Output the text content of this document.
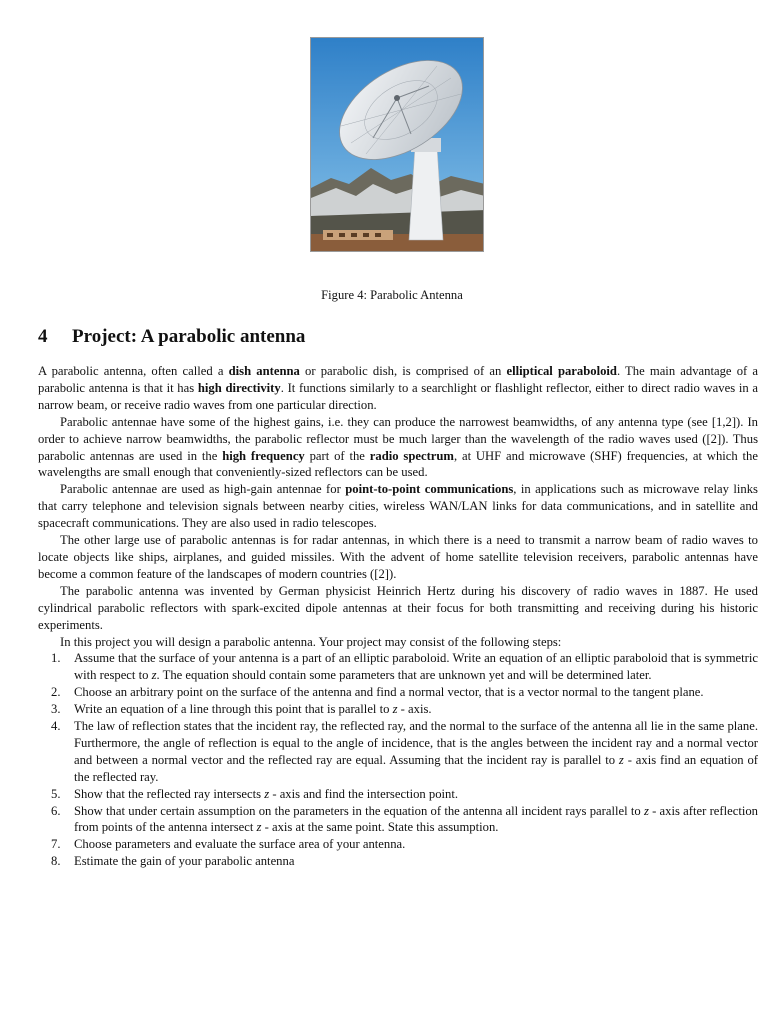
Figure 4: Parabolic Antenna
4 Project: A parabolic antenna

A parabolic antenna, often called a dish antenna or parabolic dish, is comprised of an elliptical paraboloid. The main advantage of a parabolic antenna is that it has high directivity. It functions similarly to a searchlight or flashlight reflector, either to direct radio waves in a narrow beam, or receive radio waves from one particular direction.

Parabolic antennae have some of the highest gains, i.e. they can produce the narrowest beamwidths, of any antenna type (see [1,2]). In order to achieve narrow beamwidths, the parabolic reflector must be much larger than the wavelength of the radio waves used ([2]). Thus parabolic antennas are used in the high frequency part of the radio spectrum, at UHF and microwave (SHF) frequencies, at which the wavelengths are small enough that conveniently-sized reflectors can be used.

Parabolic antennae are used as high-gain antennae for point-to-point communications, in applications such as microwave relay links that carry telephone and television signals between nearby cities, wireless WAN/LAN links for data communications, and in satellite and spacecraft communications. They are also used in radio telescopes.

The other large use of parabolic antennas is for radar antennas, in which there is a need to transmit a narrow beam of radio waves to locate objects like ships, airplanes, and guided missiles. With the advent of home satellite television receivers, parabolic antennas have become a common feature of the landscapes of modern countries ([2]).

The parabolic antenna was invented by German physicist Heinrich Hertz during his discovery of radio waves in 1887. He used cylindrical parabolic reflectors with spark-excited dipole antennas at their focus for both transmitting and receiving during his historic experiments.

In this project you will design a parabolic antenna. Your project may consist of the following steps:

1. Assume that the surface of your antenna is a part of an elliptic paraboloid. Write an equation of an elliptic paraboloid that is symmetric with respect to z. The equation should contain some parameters that are unknown yet and will be determined later.
2. Choose an arbitrary point on the surface of the antenna and find a normal vector, that is a vector normal to the tangent plane.
3. Write an equation of a line through this point that is parallel to z - axis.
4. The law of reflection states that the incident ray, the reflected ray, and the normal to the surface of the antenna all lie in the same plane. Furthermore, the angle of reflection is equal to the angle of incidence, that is the angles between the incident ray and a normal vector and between a normal vector and the reflected ray are equal. Assuming that the incident ray is parallel to z - axis find an equation of the reflected ray.
5. Show that the reflected ray intersects z - axis and find the intersection point.
6. Show that under certain assumption on the parameters in the equation of the antenna all incident rays parallel to z - axis after reflection from points of the antenna intersect z - axis at the same point. State this assumption.
7. Choose parameters and evaluate the surface area of your antenna.
8. Estimate the gain of your parabolic antenna
